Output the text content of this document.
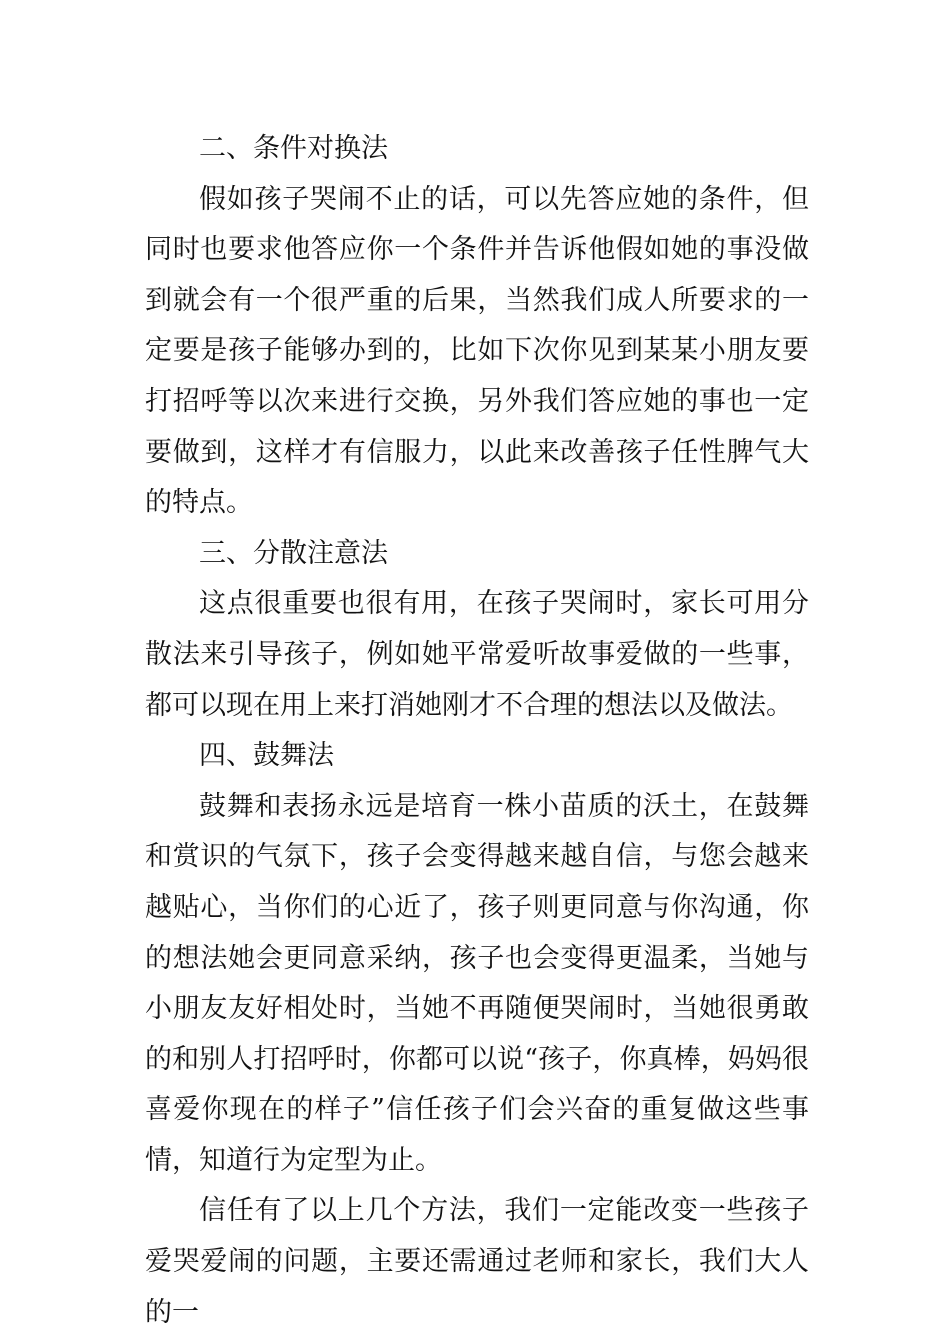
二、条件对换法

假如孩子哭闹不止的话，可以先答应她的条件，但同时也要求他答应你一个条件并告诉他假如她的事没做到就会有一个很严重的后果，当然我们成人所要求的一定要是孩子能够办到的，比如下次你见到某某小朋友要打招呼等以次来进行交换，另外我们答应她的事也一定要做到，这样才有信服力，以此来改善孩子任性脾气大的特点。

三、分散注意法

这点很重要也很有用，在孩子哭闹时，家长可用分散法来引导孩子，例如她平常爱听故事爱做的一些事，都可以现在用上来打消她刚才不合理的想法以及做法。

四、鼓舞法

鼓舞和表扬永远是培育一株小苗质的沃土，在鼓舞和赏识的气氛下，孩子会变得越来越自信，与您会越来越贴心，当你们的心近了，孩子则更同意与你沟通，你的想法她会更同意采纳，孩子也会变得更温柔，当她与小朋友友好相处时，当她不再随便哭闹时，当她很勇敢的和别人打招呼时，你都可以说“孩子，你真棒，妈妈很喜爱你现在的样子”信任孩子们会兴奋的重复做这些事情，知道行为定型为止。

信任有了以上几个方法，我们一定能改变一些孩子爱哭爱闹的问题，主要还需通过老师和家长，我们大人的一
